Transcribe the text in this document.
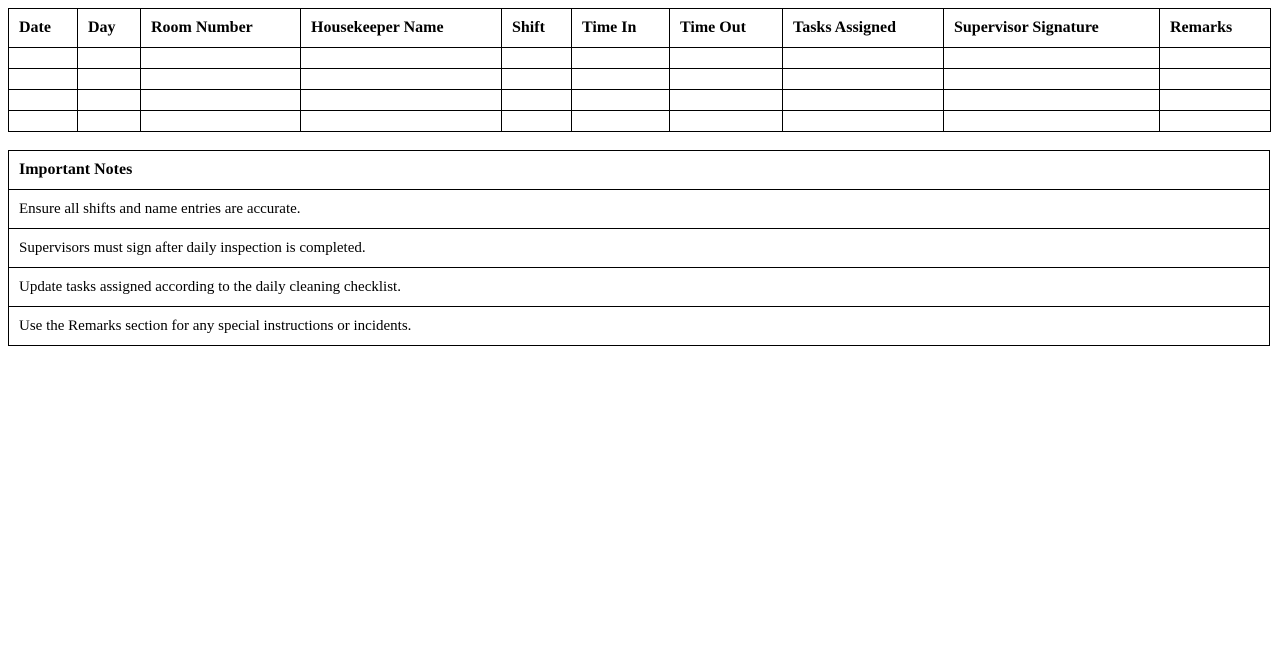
Date	Day	Room Number	Housekeeper Name	Shift	Time In	Time Out	Tasks Assigned	Supervisor Signature	Remarks

Important Notes
Ensure all shifts and name entries are accurate.
Supervisors must sign after daily inspection is completed.
Update tasks assigned according to the daily cleaning checklist.
Use the Remarks section for any special instructions or incidents.
